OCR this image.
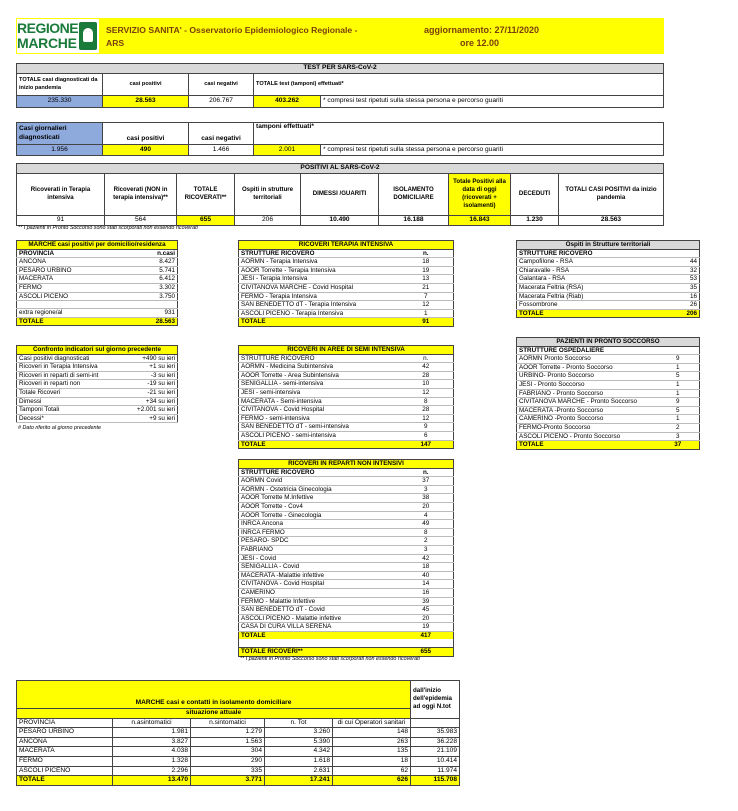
REGIONE
MARCHE
SERVIZIO SANITA' - Osservatorio Epidemiologico Regionale -
ARS
aggiornamento: 27/11/2020
ore 12.00
TEST PER SARS-CoV-2				
TOTALE casi diagnosticati da inizio pandemia	casi positivi	casi negativi	TOTALE test (tamponi) effettuati*	
235.330	28.563	206.767	403.262	* compresi test ripetuti sulla stessa persona e percorso guariti
Casi giornalieri diagnosticati	casi positivi	casi negativi	tamponi effettuati*	
1.956	490	1.466	2.001	* compresi test ripetuti sulla stessa persona e percorso guariti
POSITIVI AL SARS-CoV-2								
Ricoverati in Terapia intensiva	Ricoverati (NON in terapia intensiva)**	TOTALE RICOVERATI**	Ospiti in strutture territoriali	DIMESSI /GUARITI	ISOLAMENTO DOMICILIARE	Totale Positivi alla data di oggi (ricoverati + isolamenti)	DECEDUTI	TOTALI CASI POSITIVI da inizio pandemia
91	564	655	206	10.490	16.188	16.843	1.230	28.563
** I pazienti in Pronto Soccorso sono stati scorporati non essendo ricoverati
MARCHE casi positivi per domicilio/residenza	
PROVINCIA	n.casi
ANCONA	8.427
PESARO URBINO	5.741
MACERATA	6.412
FERMO	3.302
ASCOLI PICENO	3.750

extra regione/al	931
TOTALE	28.563
Confronto indicatori sul giorno precedente	
Casi positivi diagnosticati	+490 su ieri
Ricoveri in Terapia Intensiva	+1 su ieri
Ricoveri in reparti di semi-int	-3 su ieri
Ricoveri in reparti non	-19 su ieri
Totale Ricoveri	-21 su ieri
Dimessi	+34 su ieri
Tamponi Totali	+2.001 su ieri
Decessi*	+9 su ieri
# Dato riferito al giorno precedente
RICOVERI TERAPIA INTENSIVA	
STRUTTURE RICOVERO	n.
AORMN - Terapia Intensiva	18
AOOR Torrette - Terapia Intensiva	19
JESI - Terapia Intensiva	13
CIVITANOVA MARCHE - Covid Hospital	21
FERMO - Terapia Intensiva	7
SAN BENEDETTO dT - Terapia Intensiva	12
ASCOLI PICENO - Terapia Intensiva	1
TOTALE	91
RICOVERI IN AREE DI SEMI INTENSIVA	
STRUTTURE RICOVERO	n.
AORMN - Medicina Subintensiva	42
AOOR Torrette - Area Subintensiva	28
SENIGALLIA - semi-intensiva	10
JESI - semi-intensiva	12
MACERATA - Semi-intensiva	8
CIVITANOVA - Covid Hospital	28
FERMO - semi-intensiva	12
SAN BENEDETTO dT - semi-intensiva	9
ASCOLI PICENO - semi-intensiva	6
TOTALE	147
RICOVERI IN REPARTI NON INTENSIVI	
STRUTTURE RICOVERO	n.
AORMN Covid	37
AORMN - Ostetricia Ginecologia	3
AOOR Torrette M.Infettive	38
AOOR Torrette - Cov4	20
AOOR Torrette - Ginecologia	4
INRCA Ancona	49
INRCA FERMO	8
PESARO- SPDC	2
FABRIANO	3
JESI - Covid	42
SENIGALLIA - Covid	18
MACERATA -Malattie infettive	40
CIVITANOVA - Covid Hospital	14
CAMERINO	16
FERMO - Malattie Infettive	39
SAN BENEDETTO dT - Covid	45
ASCOLI PICENO - Malattie infettive	20
CASA DI CURA VILLA SERENA	19
TOTALE	417

TOTALE RICOVERI**	655
** I pazienti in Pronto Soccorso sono stati scorporati non essendo ricoverati
Ospiti in Strutture territoriali	
STRUTTURE RICOVERO	
Campofilone - RSA	44
Chiaravalle - RSA	32
Galantara - RSA	53
Macerata Feltria (RSA)	35
Macerata Feltria (Riab)	16
Fossombrone	26
TOTALE	206
PAZIENTI IN PRONTO SOCCORSO	
STRUTTURE OSPEDALIERE	
AORMN Pronto Soccorso	9
AOOR Torrette - Pronto Soccorso	1
URBINO- Pronto Soccorso	5
JESI - Pronto Soccorso	1
FABRIANO - Pronto Soccorso	1
CIVITANOVA MARCHE - Pronto Soccorso	9
MACERATA -Pronto Soccorso	5
CAMERINO -Pronto Soccorso	1
FERMO-Pronto Soccorso	2
ASCOLI PICENO - Pronto Soccorso	3
TOTALE	37
MARCHE casi e contatti in isolamento domiciliare					dall'inizio dell'epidemia ad oggi N.tot
situazione attuale					
PROVINCIA	n.asintomatici	n.sintomatici	n. Tot	di cui Operatori sanitari	
PESARO URBINO	1.981	1.279	3.260	148	35.983
ANCONA	3.827	1.563	5.390	263	36.228
MACERATA	4.038	304	4.342	135	21.109
FERMO	1.328	290	1.618	18	10.414
ASCOLI PICENO	2.296	335	2.631	62	11.974
TOTALE	13.470	3.771	17.241	626	115.708
